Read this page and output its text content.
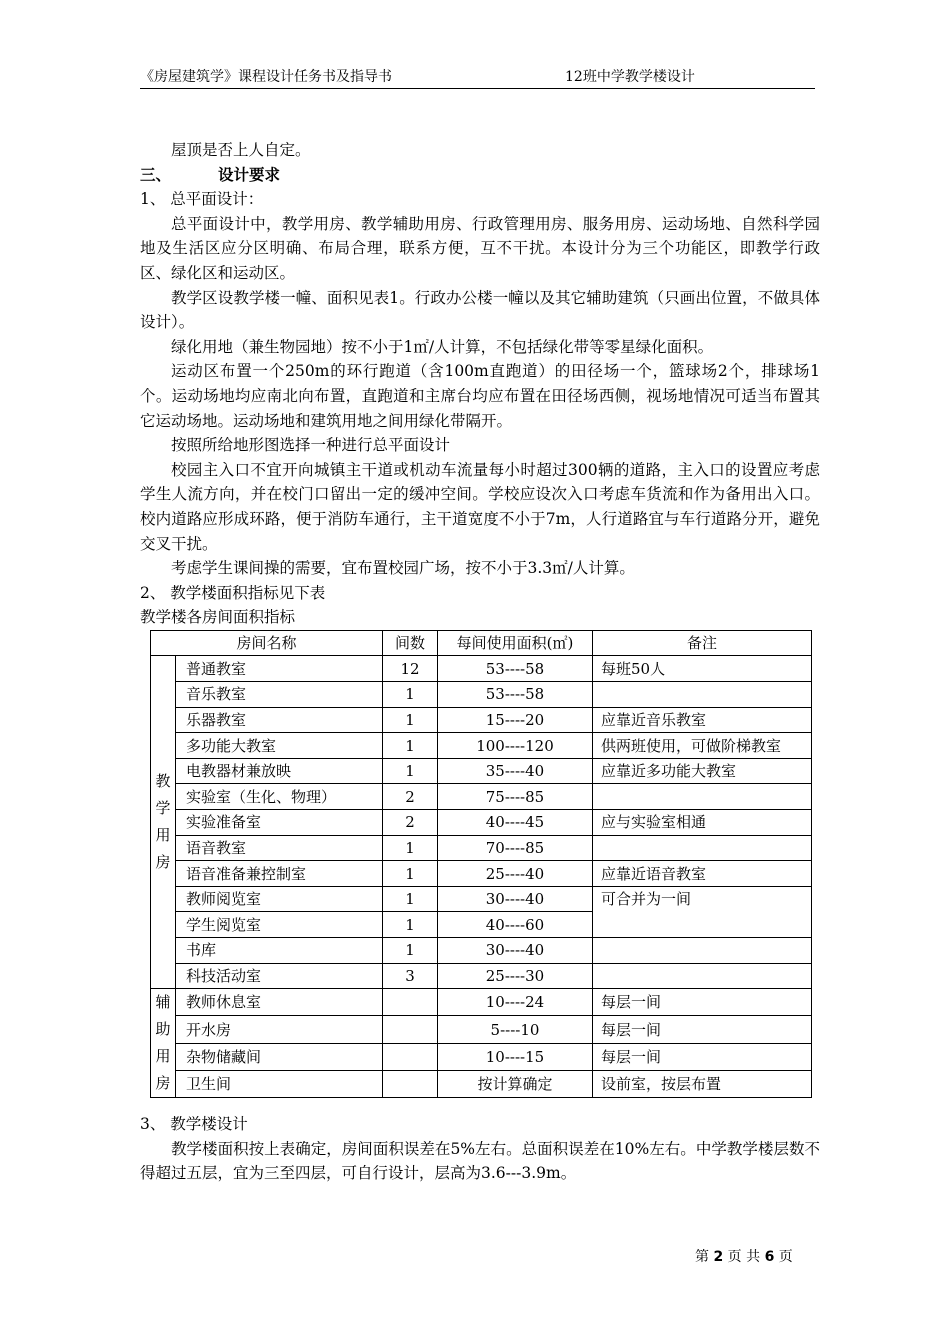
《房屋建筑学》课程设计任务书及指导书	12班中学教学楼设计

屋顶是否上人自定。

三、	设计要求

1、 总平面设计：

总平面设计中，教学用房、教学辅助用房、行政管理用房、服务用房、运动场地、自然科学园地及生活区应分区明确、布局合理，联系方便，互不干扰。本设计分为三个功能区，即教学行政区、绿化区和运动区。

教学区设教学楼一幢、面积见表1。行政办公楼一幢以及其它辅助建筑（只画出位置，不做具体设计）。

绿化用地（兼生物园地）按不小于1㎡/人计算，不包括绿化带等零星绿化面积。

运动区布置一个250m的环行跑道（含100m直跑道）的田径场一个，篮球场2个，排球场1个。运动场地均应南北向布置，直跑道和主席台均应布置在田径场西侧，视场地情况可适当布置其它运动场地。运动场地和建筑用地之间用绿化带隔开。

按照所给地形图选择一种进行总平面设计

校园主入口不宜开向城镇主干道或机动车流量每小时超过300辆的道路，主入口的设置应考虑学生人流方向，并在校门口留出一定的缓冲空间。学校应设次入口考虑车货流和作为备用出入口。校内道路应形成环路，便于消防车通行，主干道宽度不小于7m，人行道路宜与车行道路分开，避免交叉干扰。

考虑学生课间操的需要，宜布置校园广场，按不小于3.3㎡/人计算。

2、 教学楼面积指标见下表

教学楼各房间面积指标

房间名称		间数	每间使用面积(㎡)	备注
教
学
用
房	普通教室	12	53----58	每班50人
	音乐教室	1	53----58	
	乐器教室	1	15----20	应靠近音乐教室
	多功能大教室	1	100----120	供两班使用，可做阶梯教室
	电教器材兼放映	1	35----40	应靠近多功能大教室
	实验室（生化、物理）	2	75----85	
	实验准备室	2	40----45	应与实验室相通
	语音教室	1	70----85	
	语音准备兼控制室	1	25----40	应靠近语音教室
	教师阅览室	1	30----40	可合并为一间
	学生阅览室	1	40----60	
	书库	1	30----40	
	科技活动室	3	25----30	
辅
助
用
房	教师休息室		10----24	每层一间
	开水房		5----10	每层一间
	杂物储藏间		10----15	每层一间
	卫生间		按计算确定	设前室，按层布置

3、 教学楼设计

教学楼面积按上表确定，房间面积误差在5%左右。总面积误差在10%左右。中学教学楼层数不得超过五层，宜为三至四层，可自行设计，层高为3.6---3.9m。

第 2 页 共 6 页
